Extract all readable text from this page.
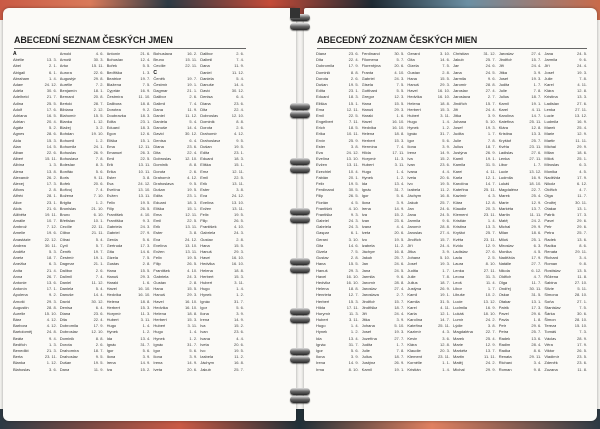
ABECEDNÍ SEZNAM ČESKÝCH JMEN
A
Abélie	13. 3.
Abel	2. 1.
Abigail	6. 1.
Abraham	1. 4.
Adam	24. 12.
Adéla	30. 6.
Adelheid	21. 7.
Adina	25. 5.
Adolf	17. 6.
Adriana	16. 5.
Adrian	20. 4.
Agáta	5. 2.
Agnes	28. 6.
Aida	15. 3.
Alan	14. 5.
Alban	22. 6.
Albert	15. 11.
Albína	1. 3.
Alena	13. 8.
Alexandr	26. 2.
Alexej	17. 3.
Alfons	2. 8.
Alfréd	28. 1.
Alice	23. 1.
Alois	21. 6.
Alžběta	19. 11.
Amálie	10. 7.
Ambrož	7. 12.
Amelie	19. 6.
Anastázie	22. 12.
Andrea	30. 11.
Anděla	5. 3.
Aneta	18. 7.
Anežka	6. 3.
Anita	21. 4.
Anna	26. 7.
Antonie	13. 6.
Antonín	17. 1.
Apolena	9. 2.
Arnošt	29. 3.
Augustin	28. 8.
Aurelie	15. 10.
Bára	4. 12.
Barbora	4. 12.
Bartoloměj	24. 8.
Beáta	9. 4.
Bedřich	1. 3.
Benedikt	21. 3.
Berta	23. 11.
Blanka	1. 12.
Blahoslav	3. 6.
Arnold	4. 6.
Arnošt	30. 3.
Artur	15. 11.
Aurora	22. 6.
Augustýn	29. 8.
Aurélie	7. 2.
Benjamín	18. 1.
Bernard	20. 8.
Bertold	28. 7.
Bibiana	2. 12.
Blahomír	15. 5.
Blanka	1. 12.
Blažej	3. 2.
Bohdan	19. 10.
Bohumil	1. 2.
Bohumila	24. 1.
Bohuslav	26. 9.
Bohuslava	7. 8.
Boleslav	8. 3.
Bonifác	5. 6.
Boris	9. 11.
Bořek	20. 6.
Bořivoj	7. 4.
Božena	7. 10.
Brigita	1. 2.
Bronislav	21. 10.
Bruno	6. 10.
Břetislav	10. 1.
Cecílie	22. 11.
Ctibor	21. 11.
Ctirad	5. 4.
Cyril	5. 7.
Čeněk	19. 7.
Čestmír	19. 1.
Dagmar	21. 1.
Dalibor	2. 6.
Dalimil	7. 4.
Daniel	11. 12.
Daniela	5. 4.
Danuše	14. 4.
David	30. 12.
Denisa	6. 4.
Diana	23. 6.
Dita	22. 4.
Dobromila	17. 9.
Dobroslav	12. 10.
Dominik	8. 8.
Dorota	2. 6.
Drahomíra	18. 7.
Drahoslav	9. 5.
Dušan	19. 5.
Dana	11. 9.
Antonín	21. 6.
Bohuslav	12. 4.
Bořek	5. 5.
Bedřiška	1. 3.
Beatrice	19. 7.
Blažena	7. 5.
Cyprián	16. 9.
Čestmíra	11. 10.
Dalibora	18. 8.
Dorotea	9. 2.
Doubravka	18. 3.
Edita	23. 1.
Eduard	18. 3.
Egon	12. 6.
Eliška	15. 1.
Ema	12. 11.
Emanuel	26. 3.
Emil	22. 5.
Erik	13. 11.
Erika	10. 11.
Ester	3. 8.
Eva	24. 12.
Evelína	13. 10.
Evžen	13. 11.
Felix	19. 5.
Filip	26. 5.
František	4. 10.
Františka	9. 3.
Gabriela	24. 3.
Gabriel	27. 9.
Gerda	5. 6.
Gertruda	17. 3.
Gita	14. 6.
Gizela	7. 5.
Gustav	2. 8.
Hana	15. 5.
Hanuš	29. 3.
Harald	1. 6.
Havel	16. 10.
Hedvika	16. 10.
Helena	18. 8.
Herbert	15. 3.
Horymír	11. 3.
Hubert	3. 11.
Hugo	1. 4.
Hynek	1. 2.
Ida	13. 4.
Ignác	31. 7.
Igor	5. 6.
Ilona	3. 9.
Irena	14. 9.
Iva	15. 2.
Bohuslava	16. 2.
Bruno	15. 11.
Cecílie	22. 11.
Č
Čeněk	19. 7.
Čestmír	19. 1.
Dagmar	21. 1.
Dalibor	2. 6.
Dalimil	7. 4.
Dana	11. 9.
Daniel	11. 12.
Daniela	5. 4.
Danuše	14. 4.
David	30. 12.
Denisa	6. 4.
Diana	23. 6.
Dita	22. 4.
Dobroslav	12. 10.
Dominik	8. 8.
Dorota	2. 6.
Drahomír	4. 12.
Drahoslava	9. 5.
Dušan	19. 5.
Edita	23. 1.
Eduard	18. 3.
Eliška	15. 1.
Ema	12. 11.
Emil	22. 5.
Erik	13. 11.
Ester	3. 8.
Eva	24. 12.
Evelína	13. 10.
Evžen	13. 11.
Felix	19. 5.
Filip	26. 5.
František	4. 10.
Gabriela	24. 3.
Gustav	2. 8.
Hana	15. 5.
Hanuš	29. 3.
Havel	16. 10.
Hedvika	16. 10.
Helena	18. 8.
Herbert	15. 3.
Hubert	3. 11.
Hugo	1. 4.
Hynek	1. 2.
Ignác	31. 7.
Igor	5. 6.
Ilona	3. 9.
Irena	14. 9.
Iveta	20. 6.
Dalibor	2. 6.
Dalimil	7. 4.
Dana	11. 9.
Daniel	11. 12.
Daniela	5. 4.
Danuše	14. 4.
David	30. 12.
Denisa	6. 4.
Diana	23. 6.
Dita	22. 4.
Dobroslav	12. 10.
Dominik	8. 8.
Dorota	2. 6.
Drahomír	4. 12.
Drahoslava	9. 5.
Dušan	19. 5.
Edita	23. 1.
Eduard	18. 3.
Eliška	15. 1.
Ema	12. 11.
Emil	22. 5.
Erik	13. 11.
Ester	3. 8.
Eva	24. 12.
Evelína	13. 10.
Evžen	13. 11.
Felix	19. 5.
Filip	26. 5.
František	4. 10.
Gabriela	24. 3.
Gustav	2. 8.
Hana	15. 5.
Hanuš	29. 3.
Havel	16. 10.
Hedvika	16. 10.
Helena	18. 8.
Herbert	15. 3.
Hubert	3. 11.
Hugo	1. 4.
Hynek	1. 2.
Ignác	31. 7.
Igor	5. 6.
Ilona	3. 9.
Irena	14. 9.
Iva	15. 2.
Ivan	23. 6.
Ivana	4. 4.
Iveta	20. 6.
Ivo	19. 5.
Izabela	11. 2.
Jáchym	16. 8.
Jakub	25. 7.
ABECEDNÝ ZOZNAM ČESKÝCH MIEN
Diana	23. 6.
Dita	22. 4.
Dobromila	17. 9.
Dominik	8. 8.
Dorota	2. 6.
Dušan	19. 5.
Edita	23. 1.
Eduard	18. 3.
Eliška	15. 1.
Ema	12. 11.
Emil	22. 5.
Engelbert	7. 11.
Erich	18. 5.
Erika	10. 11.
Ervín	25. 9.
Ester	3. 8.
Eva	24. 12.
Evelína	13. 10.
Evžen	13. 11.
Ezechiel	10. 4.
Fabián	20. 1.
Felix	19. 5.
Ferdinand	30. 5.
Filip	26. 5.
Florián	4. 5.
František	4. 10.
Františka	9. 3.
Gabriel	24. 3.
Gabriela	24. 3.
Gaspar	6. 1.
Gerard	3. 10.
Gita	14. 6.
Gizela	7. 5.
Gustav	2. 8.
Hana	15. 5.
Hanuš	29. 3.
Havel	16. 10.
Hedvika	16. 10.
Helena	18. 8.
Henrieta	12. 7.
Herbert	15. 3.
Hilda	17. 11.
Horymír	11. 3.
Hubert	3. 11.
Hugo	1. 4.
Hynek	1. 2.
Ida	13. 4.
Ignác	31. 7.
Igor	5. 6.
Ilona	3. 9.
Irena	14. 9.
Irma	8. 10.
Ferdinand	30. 5.
Filomena	5. 7.
Florentýna	20. 6.
Franta	4. 10.
Gabriel	24. 3.
Gisela	7. 5.
Gotthard	5. 5.
Gregor	12. 3.
Hana	15. 5.
Hanuš	29. 3.
Harald	1. 6.
Havel	16. 10.
Hedvika	16. 10.
Helena	18. 8.
Herbert	15. 3.
Hermína	7. 4.
Hilda	17. 11.
Horymír	11. 3.
Hubert	3. 11.
Hugo	1. 4.
Hynek	1. 2.
Ida	13. 4.
Ignác	31. 7.
Igor	5. 6.
Ilona	3. 9.
Irena	14. 9.
Iva	15. 2.
Ivan	23. 6.
Ivana	4. 4.
Iveta	20. 6.
Ivo	19. 5.
Izabela	11. 2.
Jáchym	16. 8.
Jakub	25. 7.
Jan	24. 6.
Jana	24. 5.
Jarmila	9. 6.
Jaromír	28. 8.
Jaroslav	27. 4.
Jaroslava	2. 7.
Jindřich	15. 7.
Jindřiška	18. 7.
Jiří	24. 4.
Jitka	3. 9.
Johana	5. 10.
Josef	19. 3.
Jozefína	27. 7.
Judita	1. 7.
Julie	7. 8.
Julius	18. 7.
Justýna	26. 9.
Kamil	19. 1.
Gerard	3. 10.
Gita	14. 6.
Gizela	7. 5.
Gustav	2. 8.
Hana	15. 5.
Hanuš	29. 3.
Havel	16. 10.
Hedvika	16. 10.
Helena	18. 8.
Herbert	15. 3.
Hubert	3. 11.
Hugo	1. 4.
Hynek	1. 2.
Ignác	31. 7.
Igor	5. 6.
Ilona	3. 9.
Irena	14. 9.
Iva	15. 2.
Ivan	23. 6.
Ivana	4. 4.
Iveta	20. 6.
Ivo	19. 5.
Izabela	11. 2.
Jáchym	16. 8.
Jakub	25. 7.
Jan	24. 6.
Jana	24. 5.
Jarmila	9. 6.
Jaromír	28. 8.
Jaroslav	27. 4.
Jindřich	15. 7.
Jiří	24. 4.
Jitka	3. 9.
Johana	5. 10.
Josef	19. 3.
Judita	1. 7.
Julie	7. 8.
Julius	18. 7.
Justýna	26. 9.
Kamil	19. 1.
Kamila	31. 5.
Karel	4. 11.
Karla	12. 1.
Karolína	14. 7.
Kateřina	25. 11.
Kazimír	4. 3.
Kevin	3. 6.
Klára	12. 8.
Klaudie	20. 3.
Klement	23. 11.
Kornélie	1. 1.
Kristián	1. 4.
Christian	31. 12.
Jakub	25. 7.
Jan	24. 6.
Jana	24. 5.
Jarmila	9. 6.
Jaromír	28. 8.
Jaroslav	27. 4.
Jaroslava	2. 7.
Jindřich	15. 7.
Jiří	24. 4.
Jitka	3. 9.
Johana	5. 10.
Josef	19. 3.
Judita	1. 7.
Julie	7. 8.
Julius	18. 7.
Justýna	26. 9.
Kamil	19. 1.
Kamila	31. 5.
Karel	4. 11.
Karla	12. 1.
Karolína	14. 7.
Kateřina	25. 11.
Kazimír	4. 3.
Klára	12. 8.
Klaudie	20. 3.
Klement	23. 11.
Kristián	1. 4.
Kristina	13. 3.
Kryštof	25. 7.
Květa	23. 11.
Kvido	12. 9.
Ladislav	27. 6.
Lada	2. 5.
Laura	8. 10.
Lenka	27. 11.
Leona	31. 3.
Leoš	11. 4.
Libor	1. 7.
Libuše	10. 2.
Lucie	13. 12.
Ludmila	16. 9.
Lukáš	18. 10.
Lumír	24. 2.
Lýdie	3. 8.
Magdaléna	22. 7.
Marek	25. 4.
Marie	12. 9.
Markéta	13. 7.
Martin	11. 11.
Matěj	24. 2.
Michal	29. 9.
Jaroslav	27. 4.
Jindřich	15. 7.
Jiří	24. 4.
Jitka	3. 9.
Josef	19. 3.
Judita	1. 7.
Julie	7. 8.
Julius	18. 7.
Kamil	19. 1.
Karel	4. 11.
Karolína	14. 7.
Kateřina	25. 11.
Klára	12. 8.
Kristina	13. 3.
Kryštof	25. 7.
Květa	23. 11.
Ladislav	27. 6.
Lenka	27. 11.
Libor	1. 7.
Lucie	13. 12.
Ludmila	16. 9.
Lukáš	18. 10.
Magdaléna	22. 7.
Marek	25. 4.
Marie	12. 9.
Markéta	13. 7.
Martin	11. 11.
Matěj	24. 2.
Michal	29. 9.
Milan	18. 6.
Miloš	25. 1.
Miroslav	6. 3.
Monika	4. 5.
Naděžda	17. 9.
Natálie	27. 7.
Nikola	6. 12.
Oldřich	4. 7.
Olga	11. 7.
Ondřej	30. 11.
Oskar	31. 5.
Otakar	13. 1.
Patrik	17. 3.
Pavel	29. 6.
Pavla	1. 8.
Petr	29. 6.
Petra	25. 7.
Radek	13. 6.
Radim	28. 4.
Radka	8. 6.
Renata	29. 11.
Richard	3. 4.
Roman	9. 8.
Jana	24. 5.
Jarmila	9. 6.
Jiří	24. 4.
Josef	19. 3.
Julie	7. 8.
Karel	4. 11.
Klára	12. 8.
Kristina	13. 3.
Ladislav	27. 6.
Lenka	27. 11.
Lucie	13. 12.
Ludmila	16. 9.
Marek	25. 4.
Marie	12. 9.
Martin	11. 11.
Michal	29. 9.
Milan	18. 6.
Miloš	25. 1.
Miroslav	6. 3.
Monika	4. 5.
Naděžda	17. 9.
Nikola	6. 12.
Oldřich	4. 7.
Olga	11. 7.
Ondřej	30. 11.
Otakar	13. 1.
Patrik	17. 3.
Pavel	29. 6.
Petr	29. 6.
Petra	25. 7.
Radek	13. 6.
Radka	8. 6.
Renata	29. 11.
Richard	3. 4.
Roman	9. 8.
Rostislav	13. 5.
Růžena	11. 8.
Sabina	27. 10.
Silvie	5. 11.
Simona	28. 10.
Soňa	27. 1.
Stanislav	7. 5.
Šárka	30. 6.
Šimon	28. 10.
Tereza	15. 10.
Tomáš	7. 3.
Václav	28. 9.
Věra	17. 9.
Viktor	26. 5.
Vladimír	23. 5.
Zdeněk	23. 6.
Zuzana	11. 8.
